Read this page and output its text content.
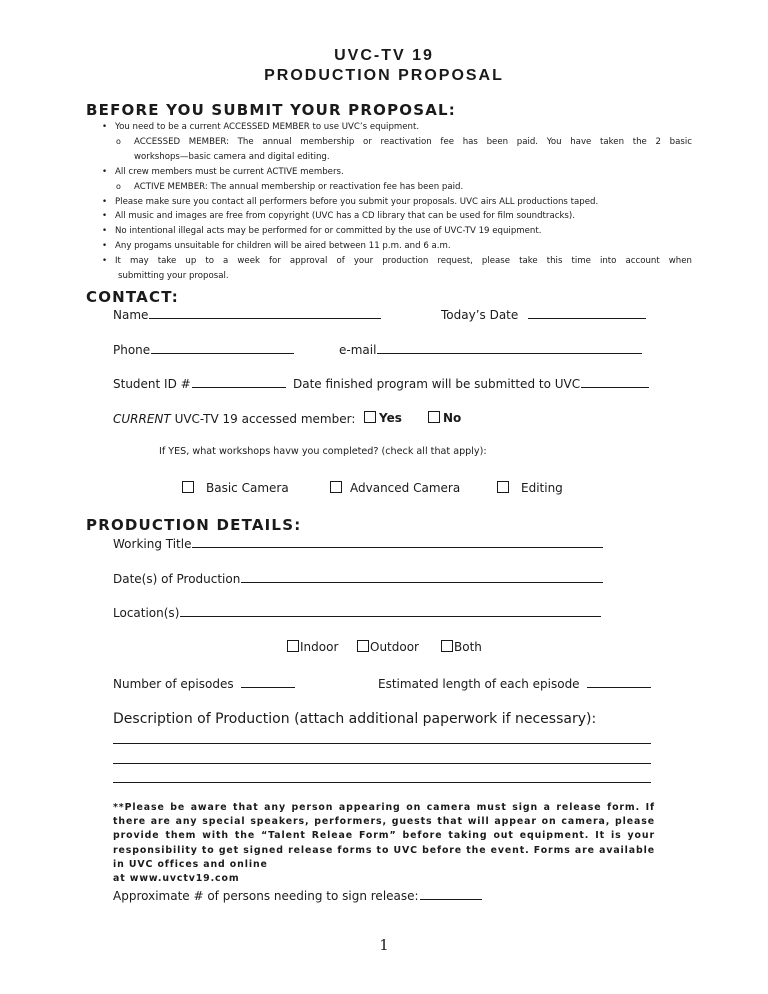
UVC-TV 19
PRODUCTION PROPOSAL
BEFORE YOU SUBMIT YOUR PROPOSAL:
• You need to be a current ACCESSED MEMBER to use UVC’s equipment.
o ACCESSED MEMBER: The annual membership or reactivation fee has been paid. You have taken the 2 basic
workshops—basic camera and digital editing.
• All crew members must be current ACTIVE members.
o ACTIVE MEMBER: The annual membership or reactivation fee has been paid.
• Please make sure you contact all performers before you submit your proposals. UVC airs ALL productions taped.
• All music and images are free from copyright (UVC has a CD library that can be used for film soundtracks).
• No intentional illegal acts may be performed for or committed by the use of UVC-TV 19 equipment.
• Any progams unsuitable for children will be aired between 11 p.m. and 6 a.m.
• It may take up to a week for approval of your production request, please take this time into account when
submitting your proposal.
CONTACT:
Name	Today’s Date
Phone	e-mail
Student ID #	Date finished program will be submitted to UVC
CURRENT UVC-TV 19 accessed member:	Yes	No
If YES, what workshops havw you completed? (check all that apply):
Basic Camera	Advanced Camera	Editing
PRODUCTION DETAILS:
Working Title
Date(s) of Production
Location(s)
Indoor	Outdoor	Both
Number of episodes	Estimated length of each episode
Description of Production (attach additional paperwork if necessary):
**Please be aware that any person appearing on camera must sign a release form. If there are any special speakers, performers, guests that will appear on camera, please provide them with the “Talent Releae Form” before taking out equipment. It is your responsibility to get signed release forms to UVC before the event. Forms are available in UVC offices and online
at www.uvctv19.com
Approximate # of persons needing to sign release:
1
